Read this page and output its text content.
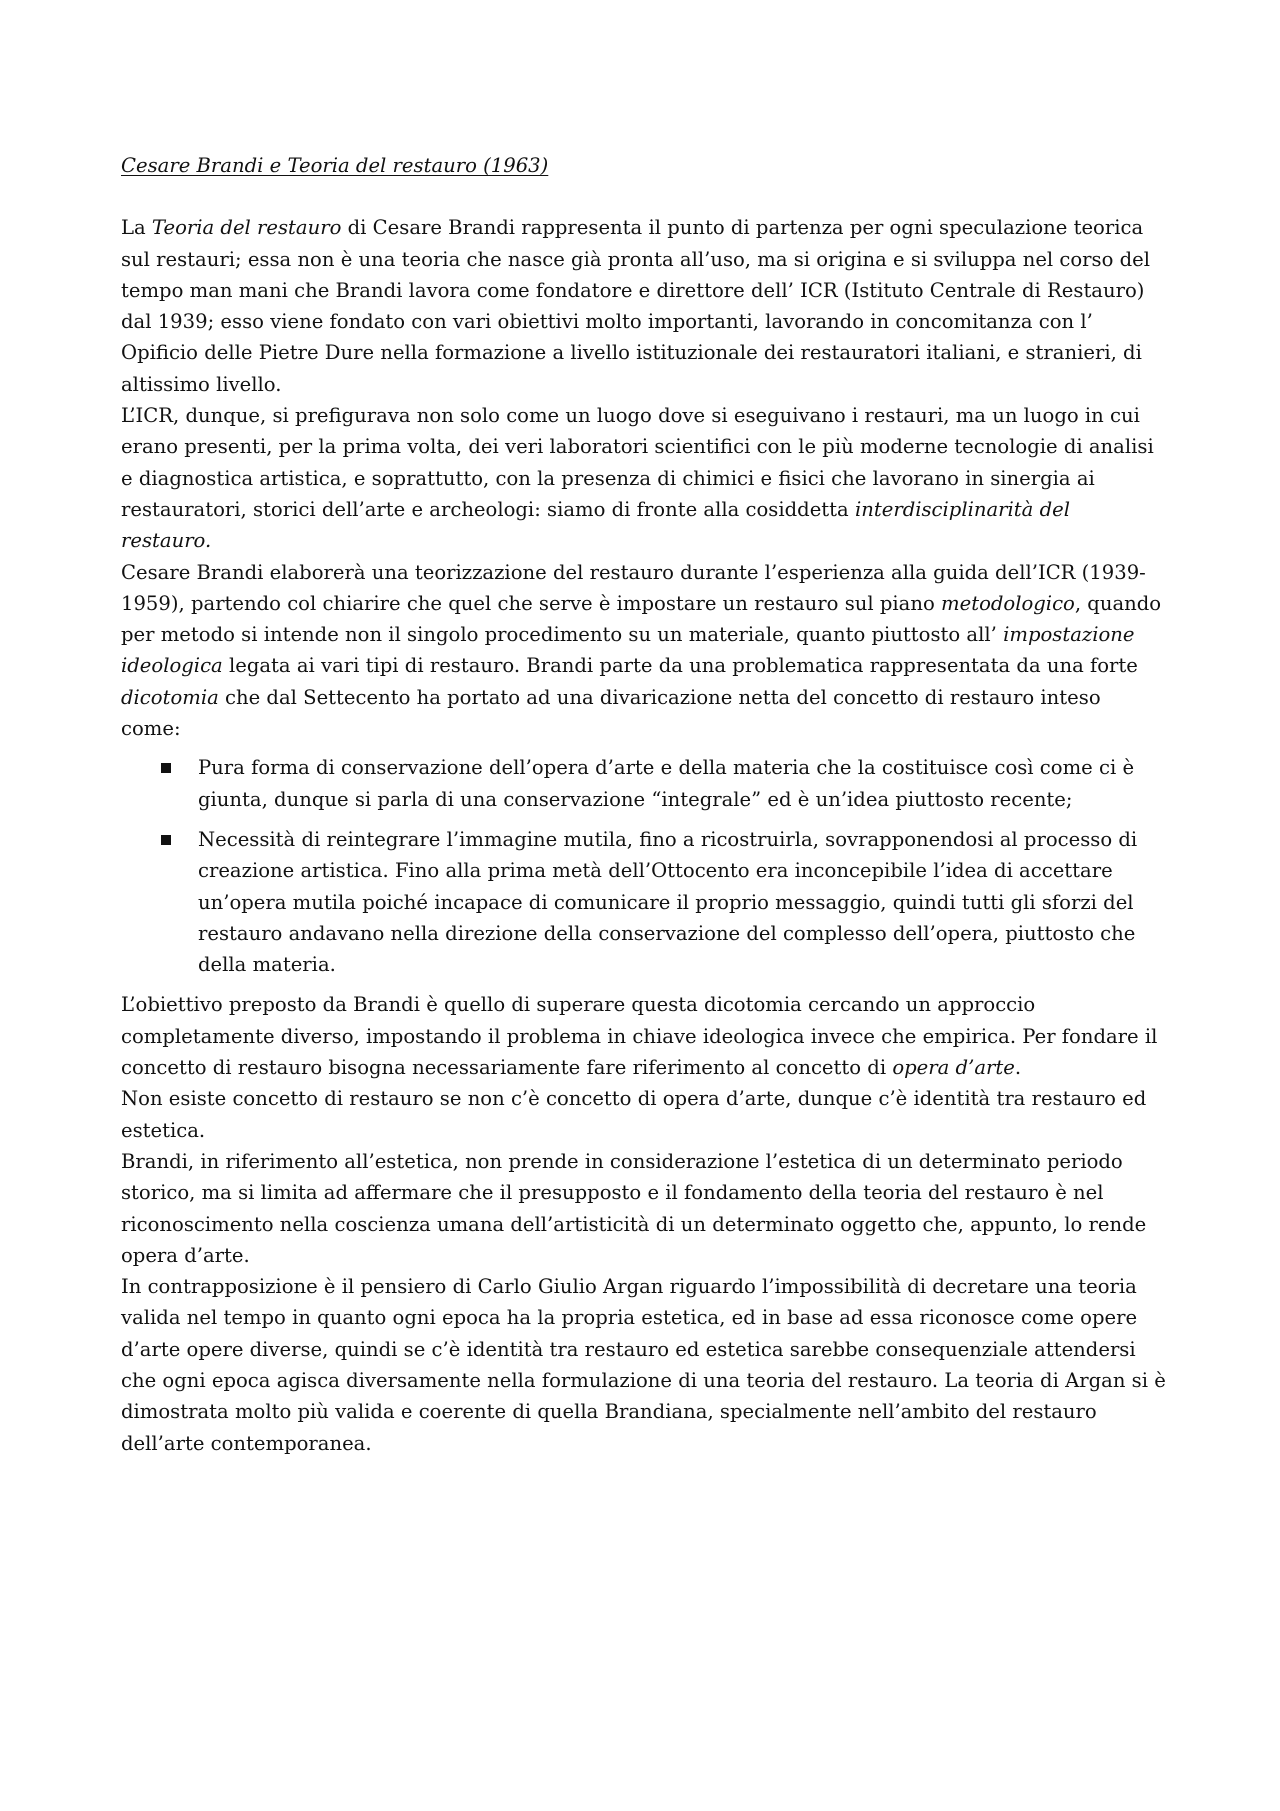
Cesare Brandi e Teoria del restauro (1963)

La Teoria del restauro di Cesare Brandi rappresenta il punto di partenza per ogni speculazione teorica sul restauri; essa non è una teoria che nasce già pronta all’uso, ma si origina e si sviluppa nel corso del tempo man mani che Brandi lavora come fondatore e direttore dell’ ICR (Istituto Centrale di Restauro) dal 1939; esso viene fondato con vari obiettivi molto importanti, lavorando in concomitanza con l’ Opificio delle Pietre Dure nella formazione a livello istituzionale dei restauratori italiani, e stranieri, di altissimo livello.

L’ICR, dunque, si prefigurava non solo come un luogo dove si eseguivano i restauri, ma un luogo in cui erano presenti, per la prima volta, dei veri laboratori scientifici con le più moderne tecnologie di analisi e diagnostica artistica, e soprattutto, con la presenza di chimici e fisici che lavorano in sinergia ai restauratori, storici dell’arte e archeologi: siamo di fronte alla cosiddetta interdisciplinarità del restauro.

Cesare Brandi elaborerà una teorizzazione del restauro durante l’esperienza alla guida dell’ICR (1939-1959), partendo col chiarire che quel che serve è impostare un restauro sul piano metodologico, quando per metodo si intende non il singolo procedimento su un materiale, quanto piuttosto all’ impostazione ideologica legata ai vari tipi di restauro. Brandi parte da una problematica rappresentata da una forte dicotomia che dal Settecento ha portato ad una divaricazione netta del concetto di restauro inteso come:

Pura forma di conservazione dell’opera d’arte e della materia che la costituisce così come ci è giunta, dunque si parla di una conservazione “integrale” ed è un’idea piuttosto recente;
Necessità di reintegrare l’immagine mutila, fino a ricostruirla, sovrapponendosi al processo di creazione artistica. Fino alla prima metà dell’Ottocento era inconcepibile l’idea di accettare un’opera mutila poiché incapace di comunicare il proprio messaggio, quindi tutti gli sforzi del restauro andavano nella direzione della conservazione del complesso dell’opera, piuttosto che della materia.

L’obiettivo preposto da Brandi è quello di superare questa dicotomia cercando un approccio completamente diverso, impostando il problema in chiave ideologica invece che empirica. Per fondare il concetto di restauro bisogna necessariamente fare riferimento al concetto di opera d’arte.

Non esiste concetto di restauro se non c’è concetto di opera d’arte, dunque c’è identità tra restauro ed estetica.

Brandi, in riferimento all’estetica, non prende in considerazione l’estetica di un determinato periodo storico, ma si limita ad affermare che il presupposto e il fondamento della teoria del restauro è nel riconoscimento nella coscienza umana dell’artisticità di un determinato oggetto che, appunto, lo rende opera d’arte.

In contrapposizione è il pensiero di Carlo Giulio Argan riguardo l’impossibilità di decretare una teoria valida nel tempo in quanto ogni epoca ha la propria estetica, ed in base ad essa riconosce come opere d’arte opere diverse, quindi se c’è identità tra restauro ed estetica sarebbe consequenziale attendersi che ogni epoca agisca diversamente nella formulazione di una teoria del restauro. La teoria di Argan si è dimostrata molto più valida e coerente di quella Brandiana, specialmente nell’ambito del restauro dell’arte contemporanea.
